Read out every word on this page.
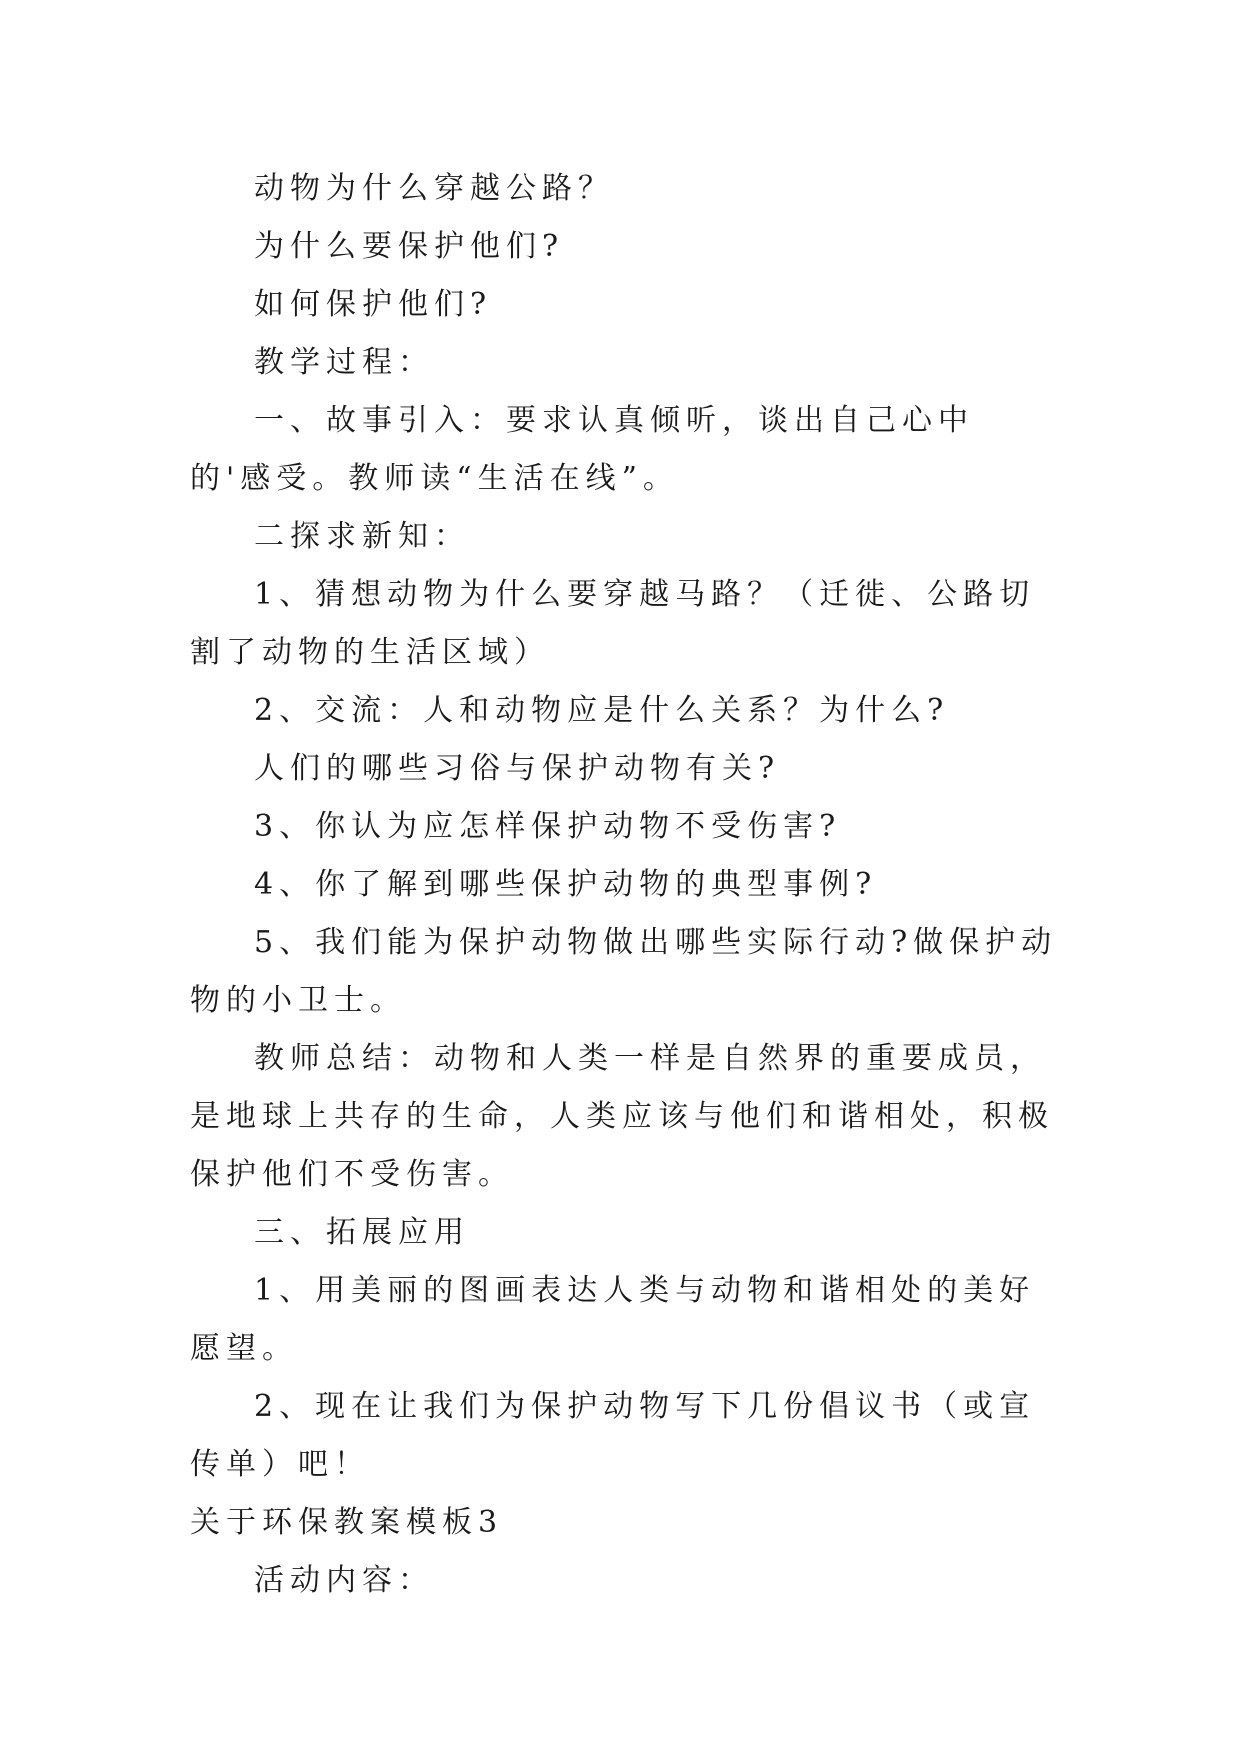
动物为什么穿越公路？

为什么要保护他们?

如何保护他们?

教学过程：

一、故事引入：要求认真倾听，谈出自己心中的'感受。教师读“生活在线”。

二探求新知：

1、猜想动物为什么要穿越马路？（迁徙、公路切割了动物的生活区域）

2、交流：人和动物应是什么关系？为什么?

人们的哪些习俗与保护动物有关?

3、你认为应怎样保护动物不受伤害?

4、你了解到哪些保护动物的典型事例?

5、我们能为保护动物做出哪些实际行动?做保护动物的小卫士。

教师总结：动物和人类一样是自然界的重要成员，是地球上共存的生命，人类应该与他们和谐相处，积极保护他们不受伤害。

三、拓展应用

1、用美丽的图画表达人类与动物和谐相处的美好愿望。

2、现在让我们为保护动物写下几份倡议书（或宣传单）吧！

关于环保教案模板3

活动内容：
